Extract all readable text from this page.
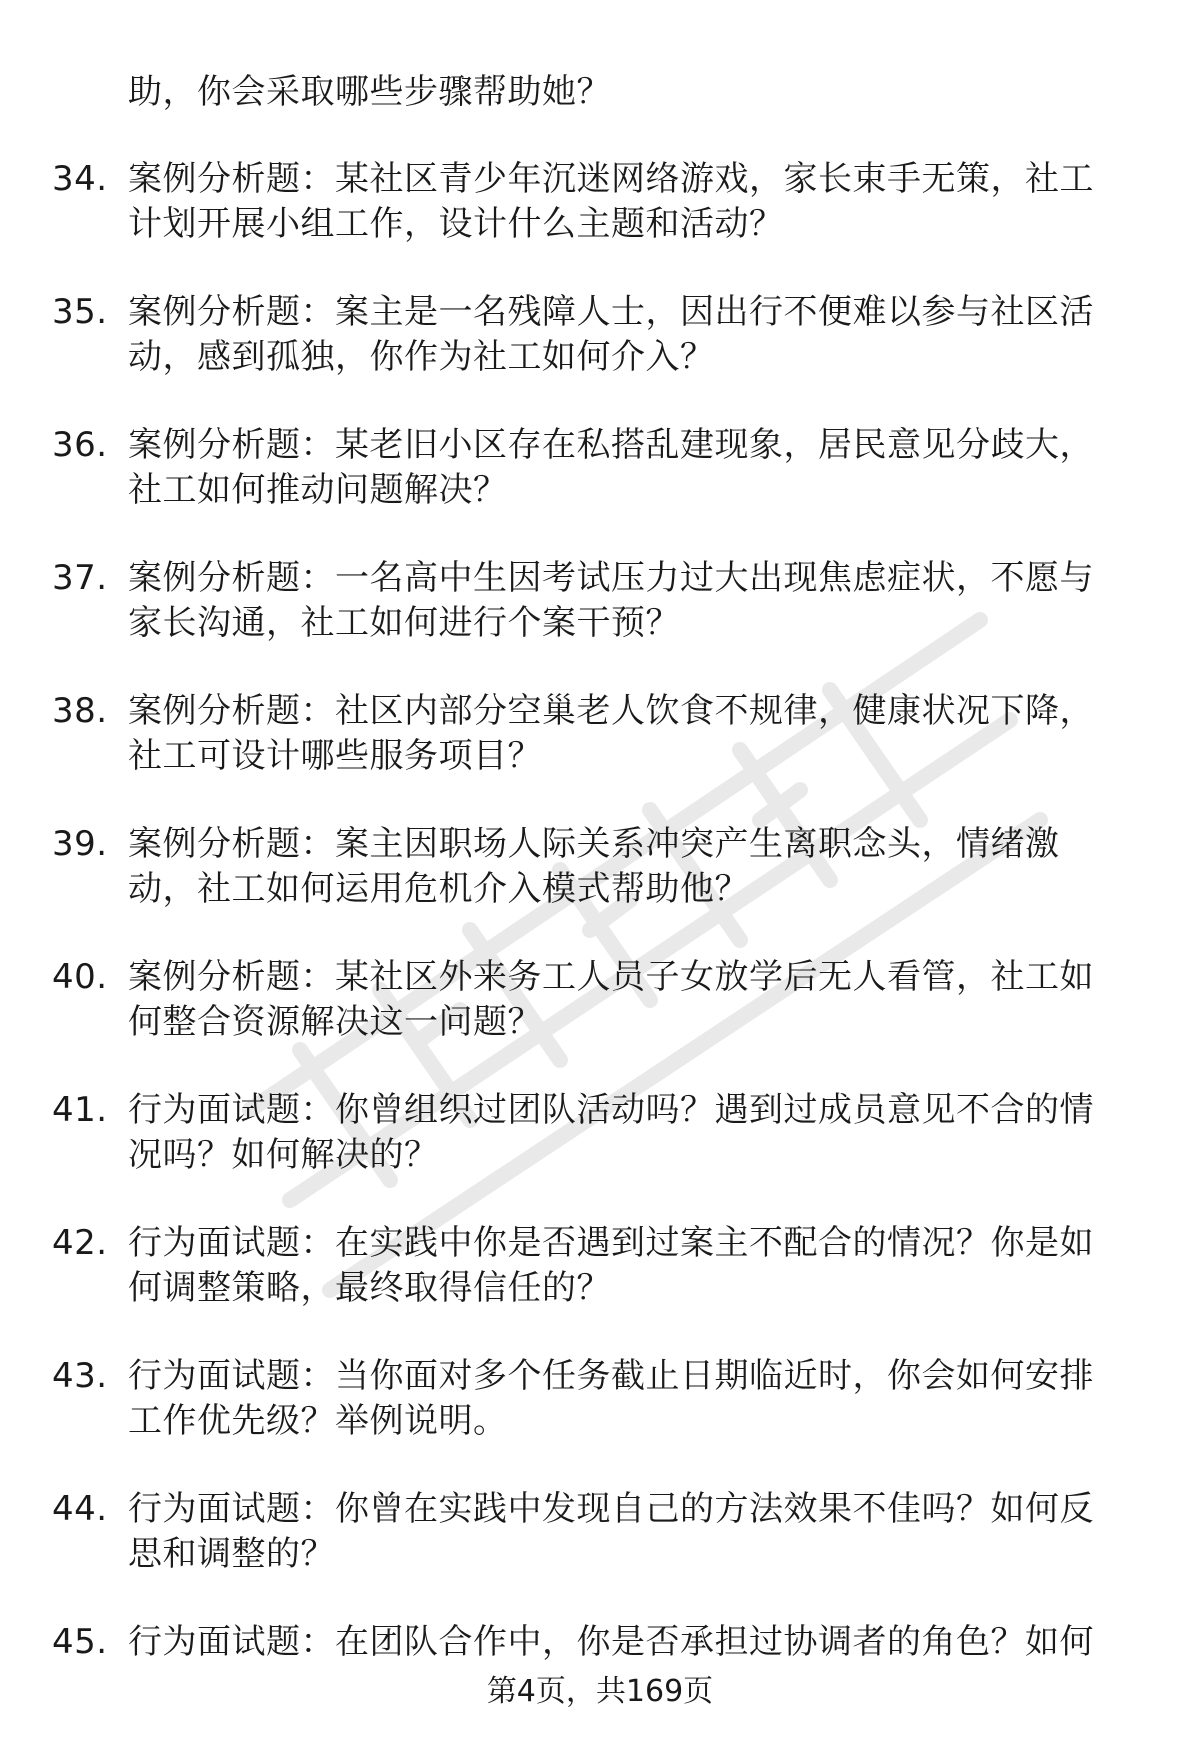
助，你会采取哪些步骤帮助她？
34. 案例分析题：某社区青少年沉迷网络游戏，家长束手无策，社工计划开展小组工作，设计什么主题和活动？
35. 案例分析题：案主是一名残障人士，因出行不便难以参与社区活动，感到孤独，你作为社工如何介入？
36. 案例分析题：某老旧小区存在私搭乱建现象，居民意见分歧大，社工如何推动问题解决？
37. 案例分析题：一名高中生因考试压力过大出现焦虑症状，不愿与家长沟通，社工如何进行个案干预？
38. 案例分析题：社区内部分空巢老人饮食不规律，健康状况下降，社工可设计哪些服务项目？
39. 案例分析题：案主因职场人际关系冲突产生离职念头，情绪激动，社工如何运用危机介入模式帮助他？
40. 案例分析题：某社区外来务工人员子女放学后无人看管，社工如何整合资源解决这一问题？
41. 行为面试题：你曾组织过团队活动吗？遇到过成员意见不合的情况吗？如何解决的？
42. 行为面试题：在实践中你是否遇到过案主不配合的情况？你是如何调整策略，最终取得信任的？
43. 行为面试题：当你面对多个任务截止日期临近时，你会如何安排工作优先级？举例说明。
44. 行为面试题：你曾在实践中发现自己的方法效果不佳吗？如何反思和调整的？
45. 行为面试题：在团队合作中，你是否承担过协调者的角色？如何
第4页，共169页
